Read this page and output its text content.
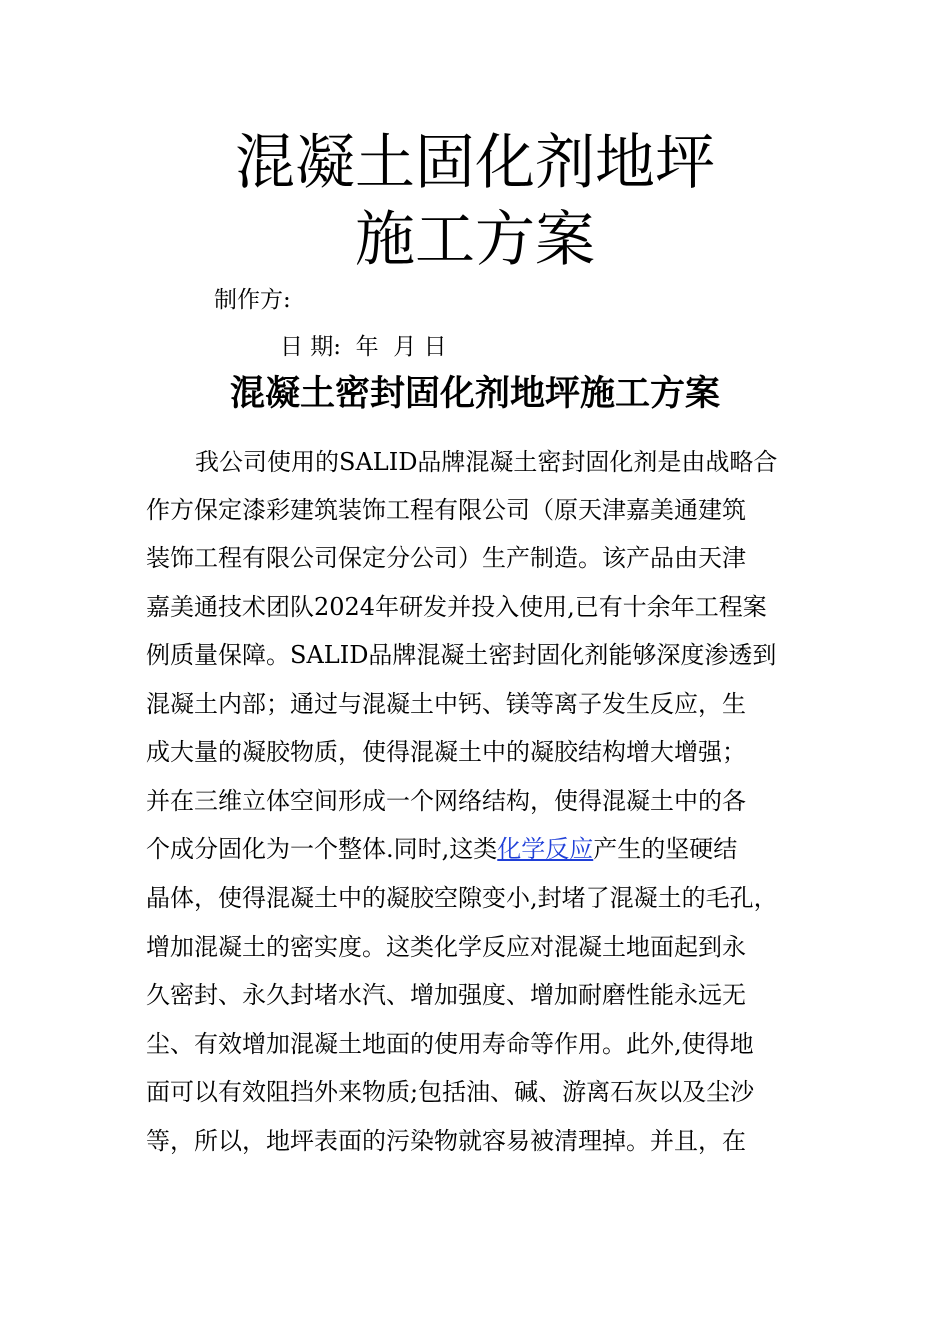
混凝土固化剂地坪
施工方案
制作方:
日 期:  年  月 日
混凝土密封固化剂地坪施工方案
我公司使用的SALID品牌混凝土密封固化剂是由战略合
作方保定漆彩建筑装饰工程有限公司（原天津嘉美通建筑
装饰工程有限公司保定分公司）生产制造。该产品由天津
嘉美通技术团队2024年研发并投入使用,已有十余年工程案
例质量保障。SALID品牌混凝土密封固化剂能够深度渗透到
混凝土内部；通过与混凝土中钙、镁等离子发生反应，生
成大量的凝胶物质，使得混凝土中的凝胶结构增大增强；
并在三维立体空间形成一个网络结构，使得混凝土中的各
个成分固化为一个整体.同时,这类化学反应产生的坚硬结
晶体，使得混凝土中的凝胶空隙变小,封堵了混凝土的毛孔，
增加混凝土的密实度。这类化学反应对混凝土地面起到永
久密封、永久封堵水汽、增加强度、增加耐磨性能永远无
尘、有效增加混凝土地面的使用寿命等作用。此外,使得地
面可以有效阻挡外来物质;包括油、碱、游离石灰以及尘沙
等，所以，地坪表面的污染物就容易被清理掉。并且，在
